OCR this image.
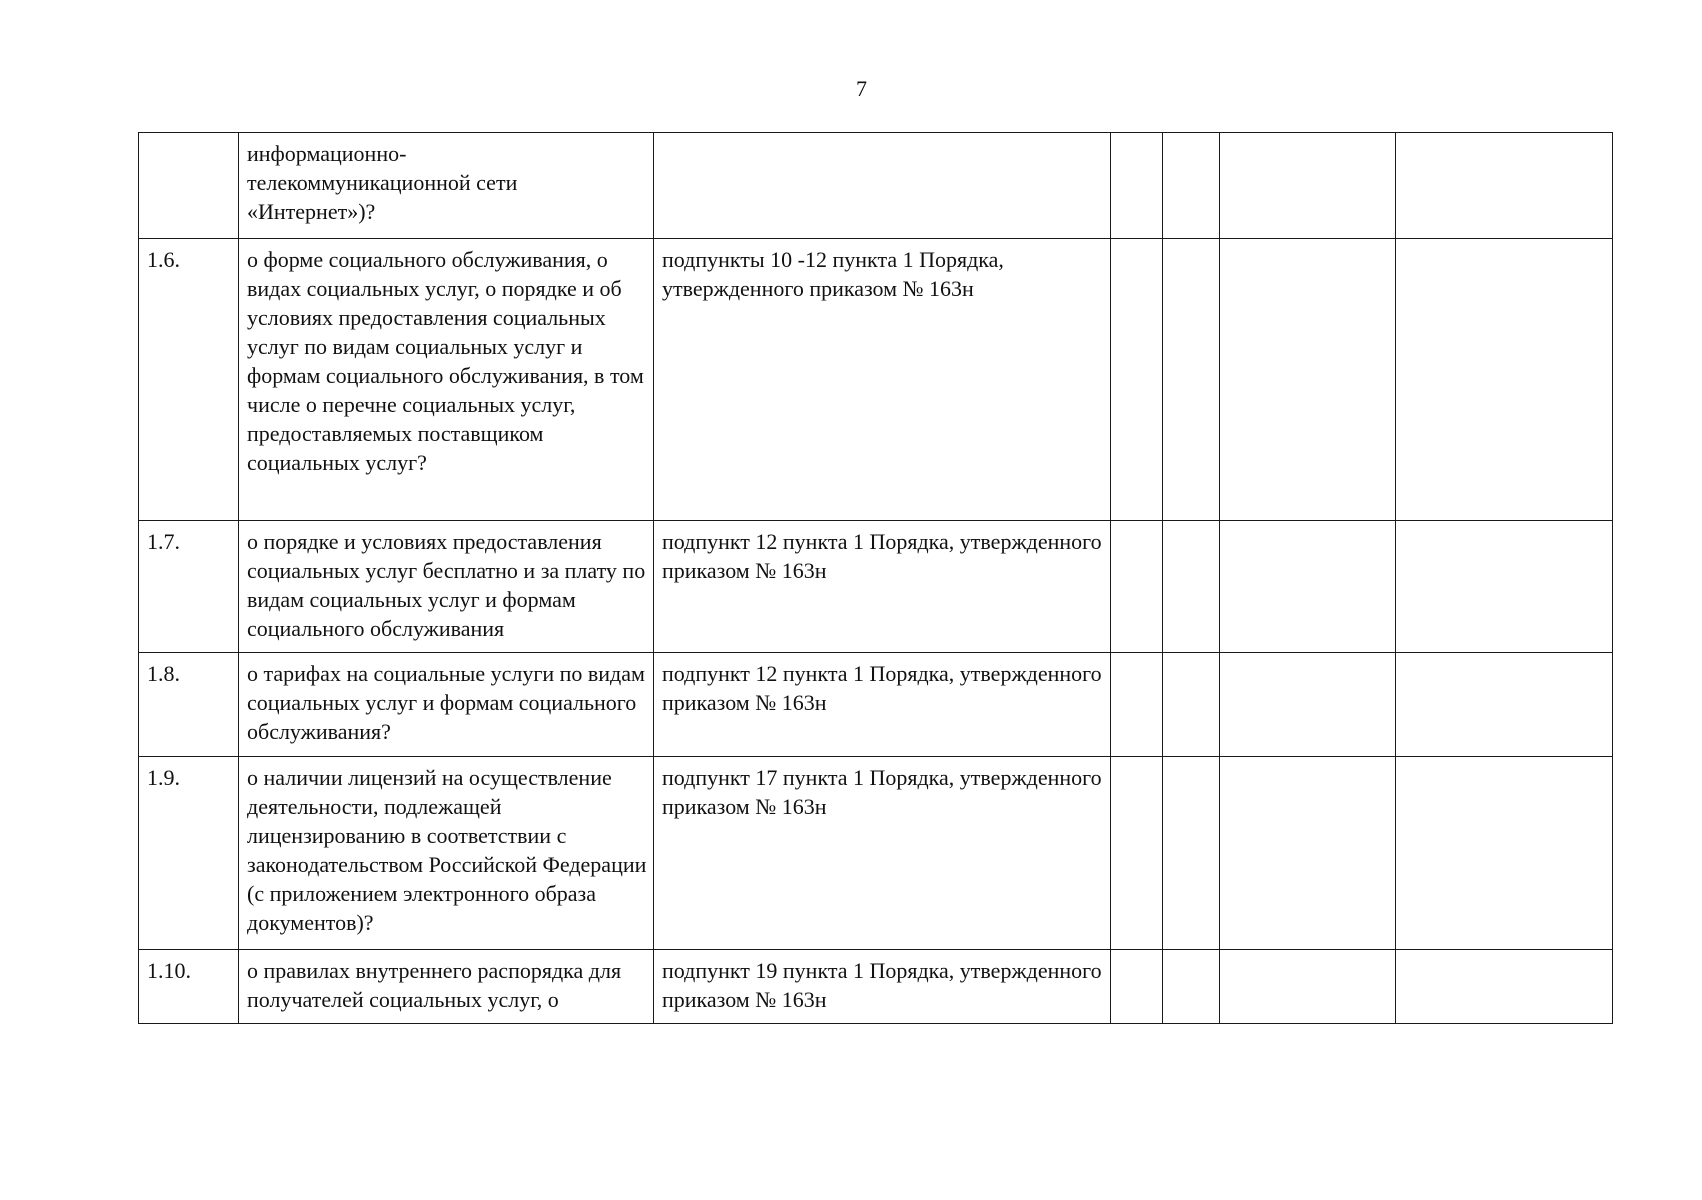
7
	информационно-
телекоммуникационной сети
«Интернет»)?					
1.6.	о форме социального обслуживания, о видах социальных услуг, о порядке и об условиях предоставления социальных услуг по видам социальных услуг и формам социального обслуживания, в том числе о перечне социальных услуг, предоставляемых поставщиком социальных услуг?	подпункты 10 -12 пункта 1 Порядка, утвержденного приказом № 163н				
1.7.	о порядке и условиях предоставления социальных услуг бесплатно и за плату по видам социальных услуг и формам социального обслуживания	подпункт 12 пункта 1 Порядка, утвержденного приказом № 163н				
1.8.	о тарифах на социальные услуги по видам социальных услуг и формам социального обслуживания?	подпункт 12 пункта 1 Порядка, утвержденного приказом № 163н				
1.9.	о наличии лицензий на осуществление деятельности, подлежащей лицензированию в соответствии с законодательством Российской Федерации (с приложением электронного образа документов)?	подпункт 17 пункта 1 Порядка, утвержденного приказом № 163н				
1.10.	о правилах внутреннего распорядка для получателей социальных услуг, о	подпункт 19 пункта 1 Порядка, утвержденного приказом № 163н				
